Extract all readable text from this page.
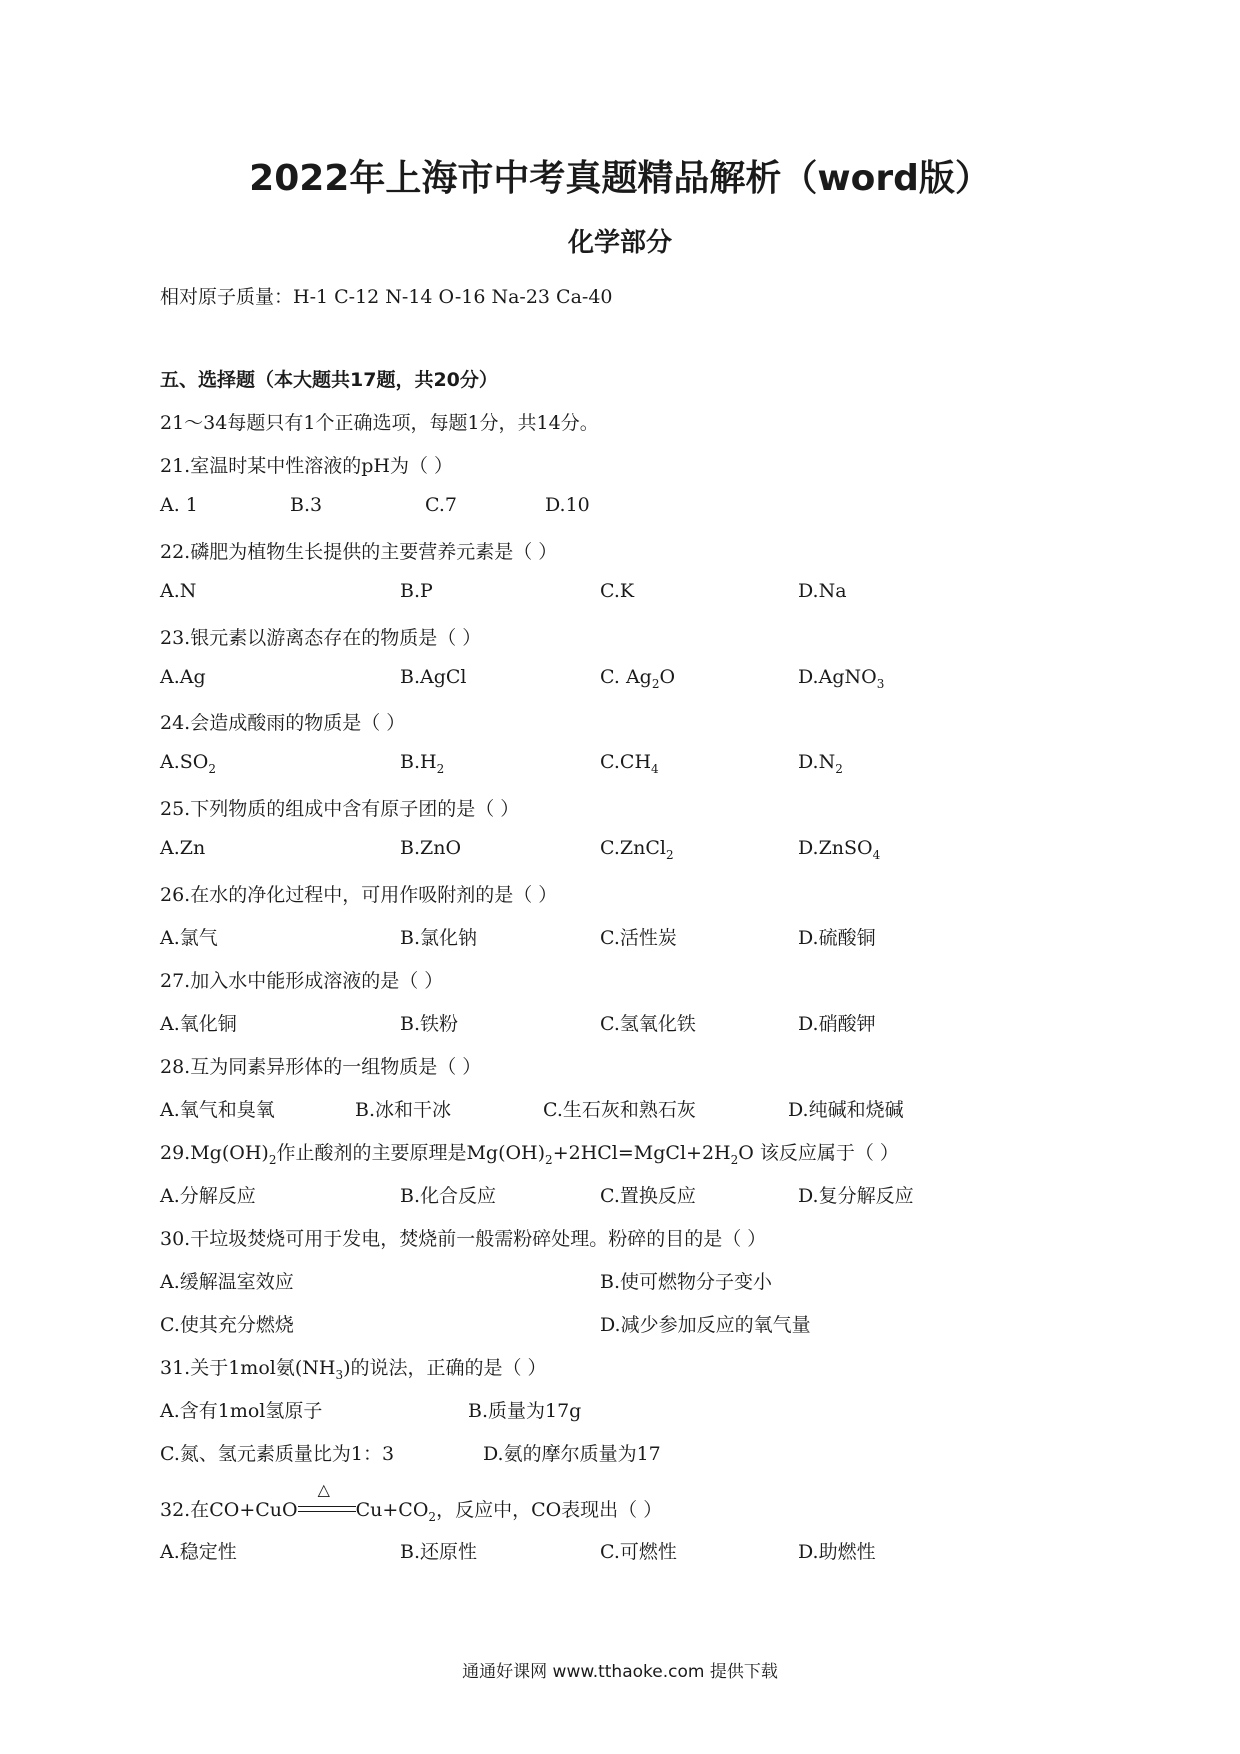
2022年上海市中考真题精品解析（word版）
化学部分
相对原子质量：H-1 C-12 N-14 O-16 Na-23 Ca-40
五、选择题（本大题共17题，共20分）
21～34每题只有1个正确选项，每题1分，共14分。
21.室温时某中性溶液的pH为（ ）
A. 1	B.3	C.7	D.10
22.磷肥为植物生长提供的主要营养元素是（ ）
A.N	B.P	C.K	D.Na
23.银元素以游离态存在的物质是（ ）
A.Ag	B.AgCl	C. $Ag_2O$	D.AgNO$_3$
24.会造成酸雨的物质是（ ）
$A.SO_2$	$B.H_2$	$C.CH_4$	$D.N_2$
25.下列物质的组成中含有原子团的是（ ）
A.Zn	B.ZnO	C.ZnCl$_2$	D.ZnSO$_4$
26.在水的净化过程中，可用作吸附剂的是（ ）
A.氯气	B.氯化钠	C.活性炭	D.硫酸铜
27.加入水中能形成溶液的是（ ）
A.氧化铜	B.铁粉	C.氢氧化铁	D.硝酸钾
28.互为同素异形体的一组物质是（ ）
A.氧气和臭氧	B.冰和干冰	C.生石灰和熟石灰	D.纯碱和烧碱
$29.Mg(OH)_2$作止酸剂的主要原理是$Mg(OH)_2+2HCl=MgCl+2H_2O$ 该反应属于（ ）
A.分解反应	B.化合反应	C.置换反应	D.复分解反应
30.干垃圾焚烧可用于发电，焚烧前一般需粉碎处理。粉碎的目的是（ ）
A.缓解温室效应	B.使可燃物分子变小
C.使其充分燃烧	D.减少参加反应的氧气量
31.关于1mol氨$(NH_3)$的说法，正确的是（ ）
A.含有1mol氢原子	B.质量为17g
C.氮、氢元素质量比为1：3	D.氨的摩尔质量为17
32.在CO+CuO
△
$Cu+CO_2$，反应中，CO表现出（ ）
A.稳定性	B.还原性	C.可燃性	D.助燃性
通通好课网 www.tthaoke.com 提供下载
